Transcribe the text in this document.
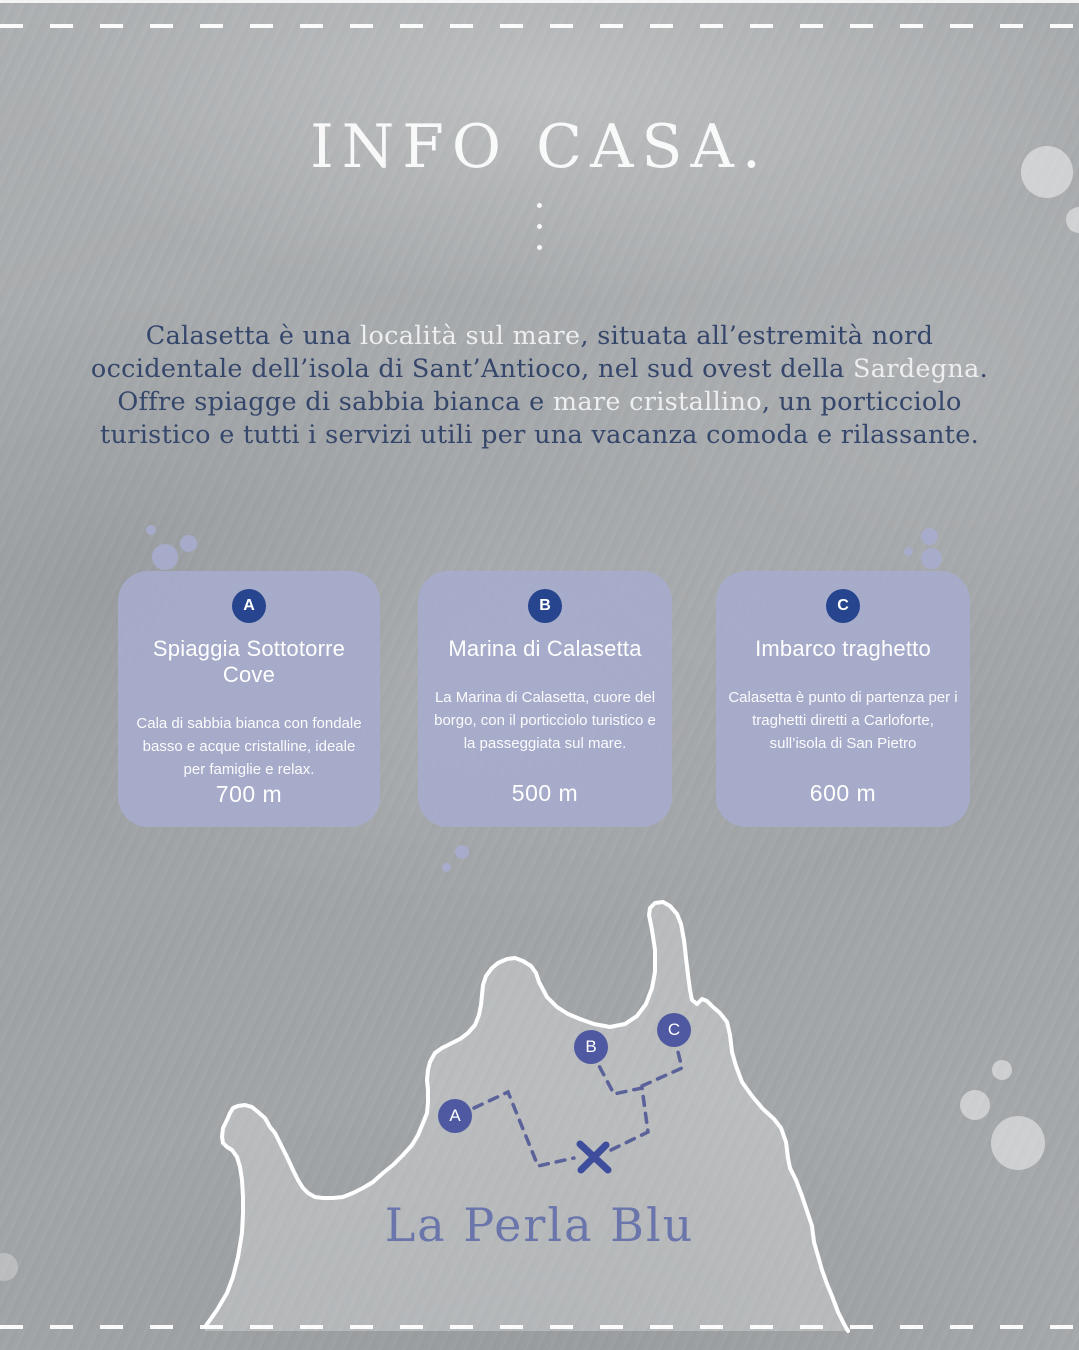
INFO CASA.

Calasetta è una località sul mare, situata all’estremità nord occidentale dell’isola di Sant’Antioco, nel sud ovest della Sardegna. Offre spiagge di sabbia bianca e mare cristallino, un porticciolo turistico e tutti i servizi utili per una vacanza comoda e rilassante.

A
Spiaggia Sottotorre Cove
Cala di sabbia bianca con fondale basso e acque cristalline, ideale per famiglie e relax.
700 m
B
Marina di Calasetta
La Marina di Calasetta, cuore del borgo, con il porticciolo turistico e la passeggiata sul mare.
500 m
C
Imbarco traghetto
Calasetta è punto di partenza per i traghetti diretti a Carloforte, sull’isola di San Pietro
600 m
A
B
C

La Perla Blu
